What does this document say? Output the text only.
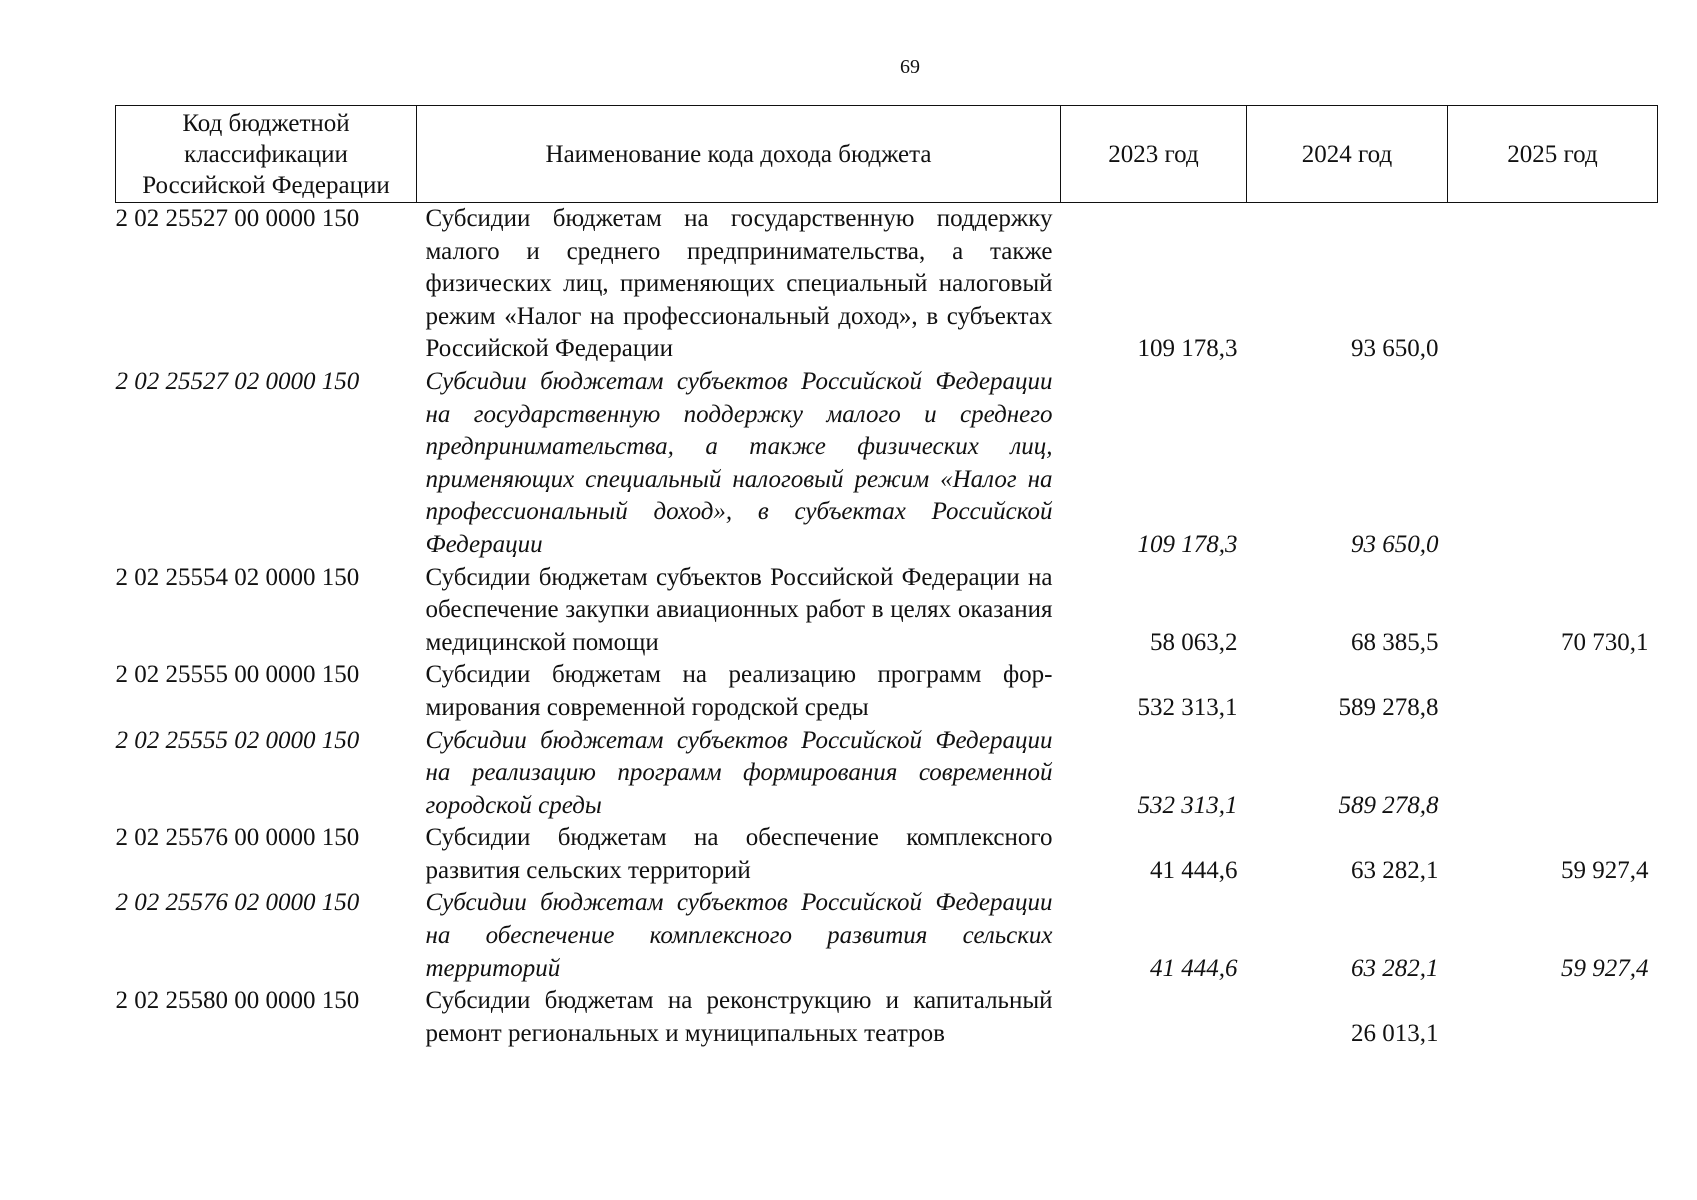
69
Код бюджетной классификации Российской Федерации	Наименование кода дохода бюджета	2023 год	2024 год	2025 год
2 02 25527 00 0000 150	Субсидии бюджетам на государственную поддержку малого и среднего предпринимательства, а также физических лиц, применяющих специальный налоговый режим «Налог на профессиональный доход», в субъектах Российской Федерации	109 178,3	93 650,0	
2 02 25527 02 0000 150	Субсидии бюджетам субъектов Российской Федерации на государственную поддержку малого и среднего предпринимательства, а также физических лиц, применяющих специальный налоговый режим «Налог на профессиональный доход», в субъектах Российской Федерации	109 178,3	93 650,0	
2 02 25554 02 0000 150	Субсидии бюджетам субъектов Российской Федерации на обеспечение закупки авиационных работ в целях оказания медицинской помощи	58 063,2	68 385,5	70 730,1
2 02 25555 00 0000 150	Субсидии бюджетам на реализацию программ формирования современной городской среды	532 313,1	589 278,8	
2 02 25555 02 0000 150	Субсидии бюджетам субъектов Российской Федерации на реализацию программ формирования современной городской среды	532 313,1	589 278,8	
2 02 25576 00 0000 150	Субсидии бюджетам на обеспечение комплексного развития сельских территорий	41 444,6	63 282,1	59 927,4
2 02 25576 02 0000 150	Субсидии бюджетам субъектов Российской Федерации на обеспечение комплексного развития сельских территорий	41 444,6	63 282,1	59 927,4
2 02 25580 00 0000 150	Субсидии бюджетам на реконструкцию и капитальный ремонт региональных и муниципальных театров		26 013,1	
